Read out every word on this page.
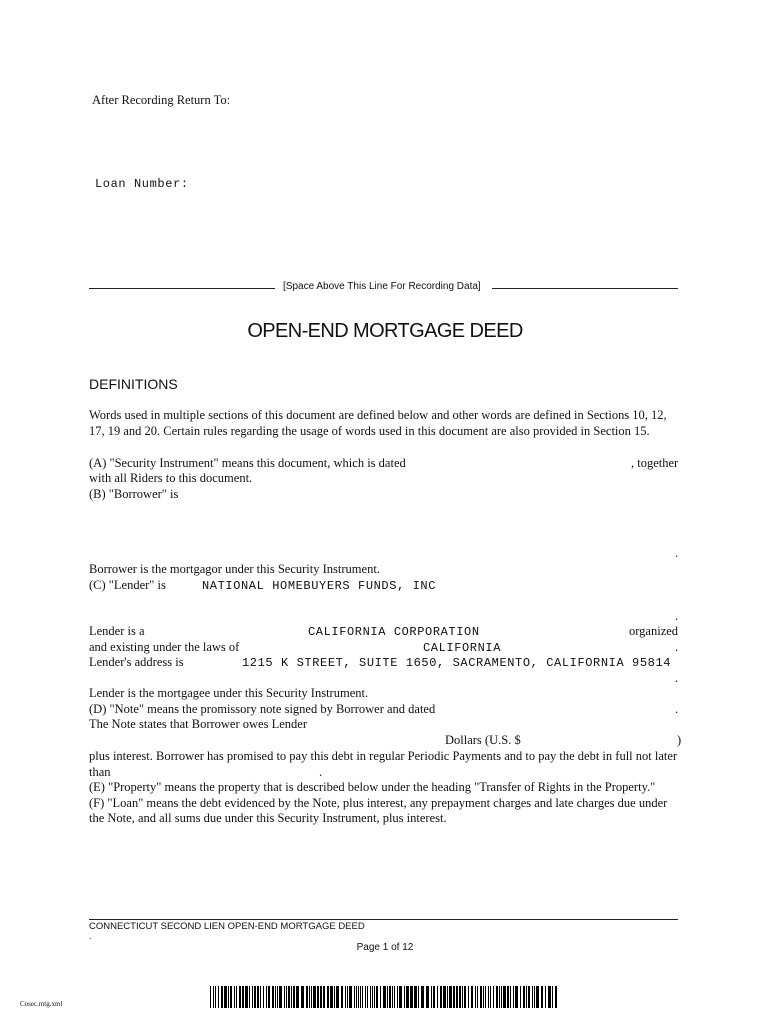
After Recording Return To:
Loan Number:
[Space Above This Line For Recording Data]
OPEN-END MORTGAGE DEED
DEFINITIONS
Words used in multiple sections of this document are defined below and other words are defined in Sections 10, 12, 17, 19 and 20. Certain rules regarding the usage of words used in this document are also provided in Section 15.
(A) "Security Instrument" means this document, which is dated	, together
with all Riders to this document.
(B) "Borrower" is
.
Borrower is the mortgagor under this Security Instrument.
(C) "Lender" is	NATIONAL HOMEBUYERS FUNDS, INC
.
Lender is a	CALIFORNIA CORPORATION	organized
and existing under the laws of	CALIFORNIA	.
Lender's address is	1215 K STREET, SUITE 1650, SACRAMENTO, CALIFORNIA 95814
.
Lender is the mortgagee under this Security Instrument.
(D) "Note" means the promissory note signed by Borrower and dated	.
The Note states that Borrower owes Lender
Dollars (U.S. $	)
plus interest. Borrower has promised to pay this debt in regular Periodic Payments and to pay the debt in full not later
than	.
(E) "Property" means the property that is described below under the heading "Transfer of Rights in the Property."
(F) "Loan" means the debt evidenced by the Note, plus interest, any prepayment charges and late charges due under
the Note, and all sums due under this Security Instrument, plus interest.
CONNECTICUT SECOND LIEN OPEN-END MORTGAGE DEED
.
Page 1 of 12
Cosec.mtg.xml
